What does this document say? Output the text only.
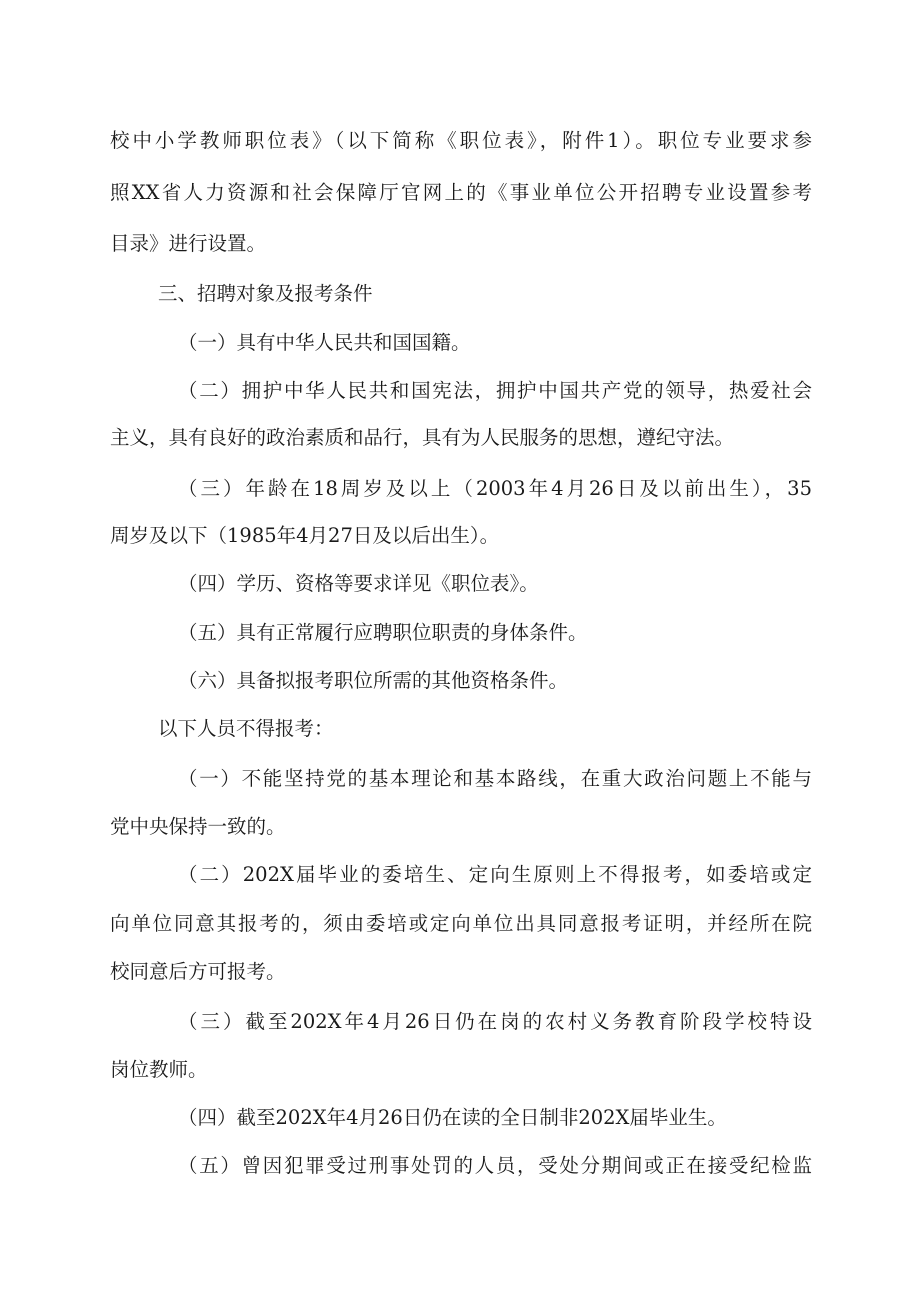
校中小学教师职位表》（以下简称《职位表》，附件1）。职位专业要求参
照XX省人力资源和社会保障厅官网上的《事业单位公开招聘专业设置参考
目录》进行设置。
三、招聘对象及报考条件
（一）具有中华人民共和国国籍。
（二）拥护中华人民共和国宪法，拥护中国共产党的领导，热爱社会
主义，具有良好的政治素质和品行，具有为人民服务的思想，遵纪守法。
（三）年龄在18周岁及以上（2003年4月26日及以前出生），35
周岁及以下（1985年4月27日及以后出生）。
（四）学历、资格等要求详见《职位表》。
（五）具有正常履行应聘职位职责的身体条件。
（六）具备拟报考职位所需的其他资格条件。
以下人员不得报考：
（一）不能坚持党的基本理论和基本路线，在重大政治问题上不能与
党中央保持一致的。
（二）202X届毕业的委培生、定向生原则上不得报考，如委培或定
向单位同意其报考的，须由委培或定向单位出具同意报考证明，并经所在院
校同意后方可报考。
（三）截至202X年4月26日仍在岗的农村义务教育阶段学校特设
岗位教师。
（四）截至202X年4月26日仍在读的全日制非202X届毕业生。
（五）曾因犯罪受过刑事处罚的人员，受处分期间或正在接受纪检监
